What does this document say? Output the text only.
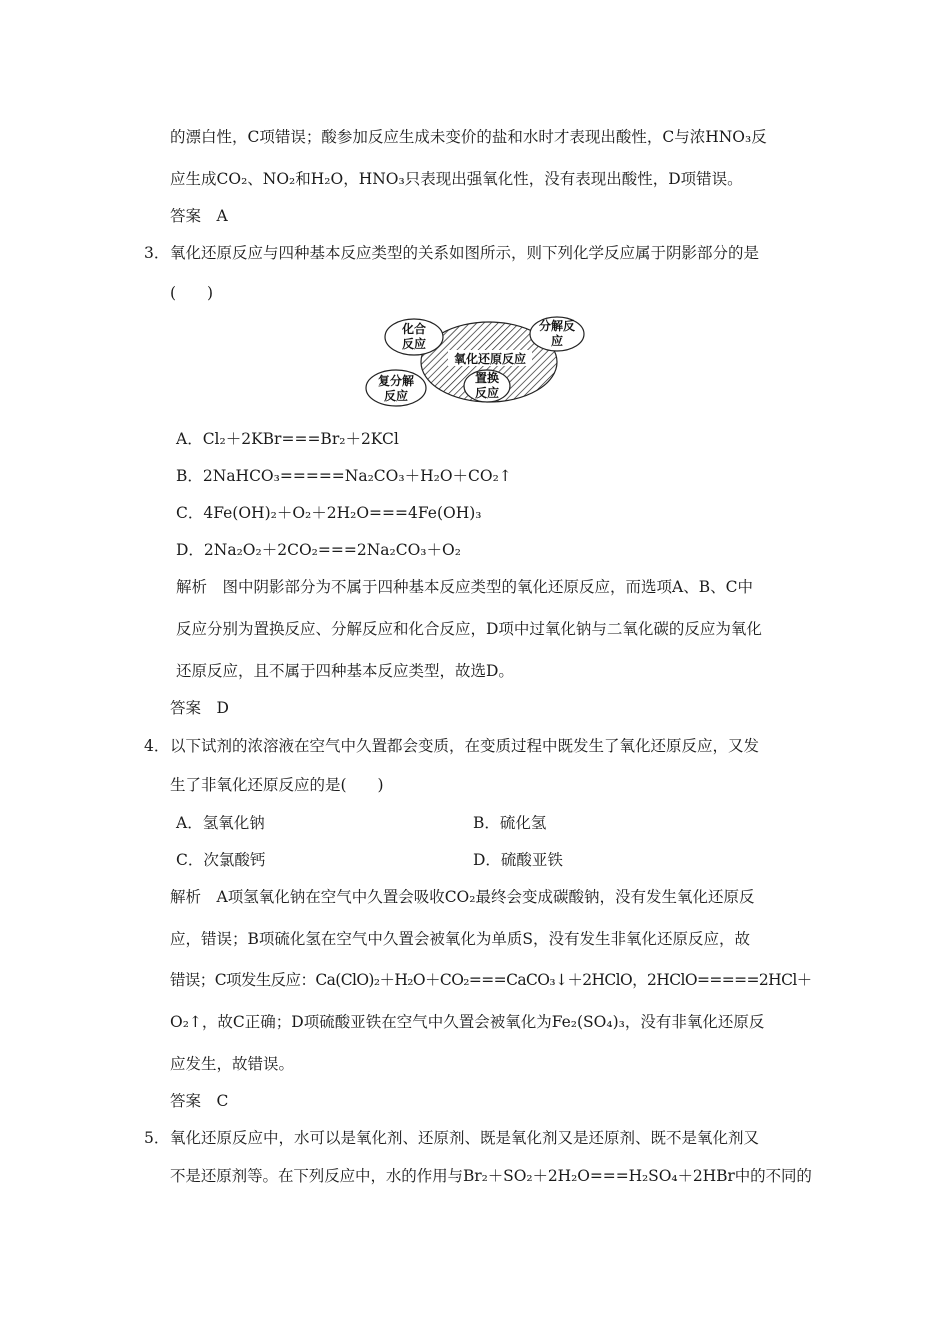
的漂白性，C项错误；酸参加反应生成未变价的盐和水时才表现出酸性，C与浓HNO₃反
应生成CO₂、NO₂和H₂O，HNO₃只表现出强氧化性，没有表现出酸性，D项错误。
答案　A
3． 氧化还原反应与四种基本反应类型的关系如图所示，则下列化学反应属于阴影部分的是
(　　)
化合
反应
分解反
应
氧化还原反应
置换
反应
复分解
反应
A．Cl₂＋2KBr===Br₂＋2KCl
B．2NaHCO₃=====Na₂CO₃＋H₂O＋CO₂↑
C．4Fe(OH)₂＋O₂＋2H₂O===4Fe(OH)₃
D．2Na₂O₂＋2CO₂===2Na₂CO₃＋O₂
解析　图中阴影部分为不属于四种基本反应类型的氧化还原反应，而选项A、B、C中
反应分别为置换反应、分解反应和化合反应，D项中过氧化钠与二氧化碳的反应为氧化
还原反应，且不属于四种基本反应类型，故选D。
答案　D
4． 以下试剂的浓溶液在空气中久置都会变质，在变质过程中既发生了氧化还原反应，又发
生了非氧化还原反应的是(　　)
A．氢氧化钠	B．硫化氢
C．次氯酸钙	D．硫酸亚铁
解析　A项氢氧化钠在空气中久置会吸收CO₂最终会变成碳酸钠，没有发生氧化还原反
应，错误；B项硫化氢在空气中久置会被氧化为单质S，没有发生非氧化还原反应，故
错误；C项发生反应：Ca(ClO)₂＋H₂O＋CO₂===CaCO₃↓＋2HClO，2HClO=====2HCl＋
O₂↑，故C正确；D项硫酸亚铁在空气中久置会被氧化为Fe₂(SO₄)₃，没有非氧化还原反
应发生，故错误。
答案　C
5． 氧化还原反应中，水可以是氧化剂、还原剂、既是氧化剂又是还原剂、既不是氧化剂又
不是还原剂等。在下列反应中，水的作用与Br₂＋SO₂＋2H₂O===H₂SO₄＋2HBr中的不同的
